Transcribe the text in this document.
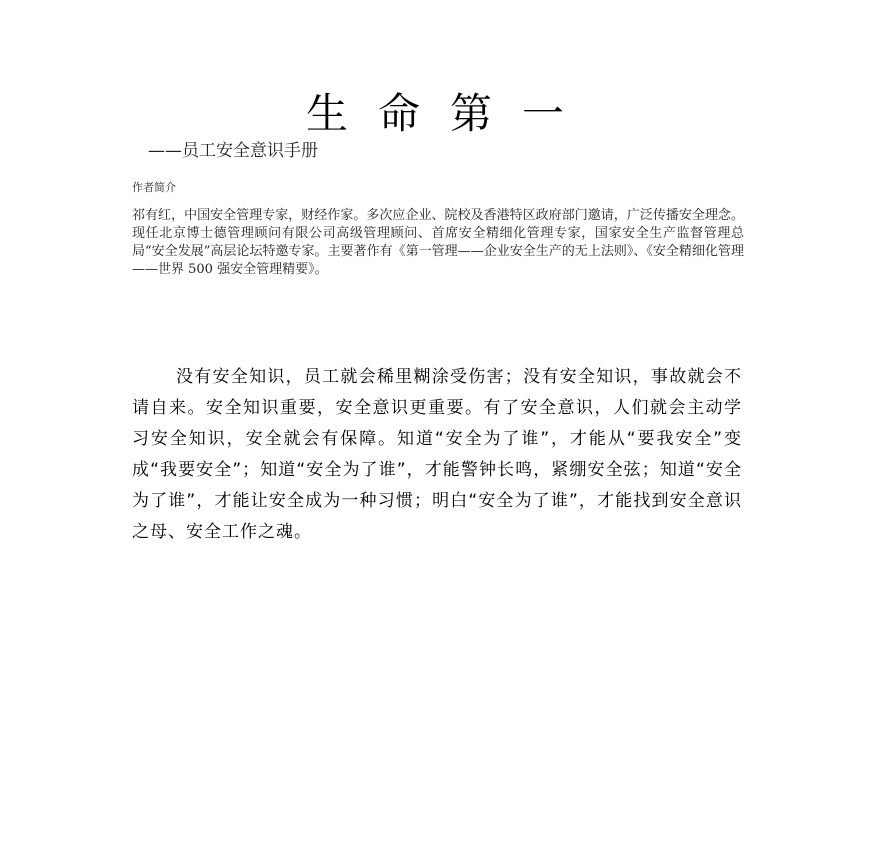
生命第一

——员工安全意识手册

作者简介

祁有红，中国安全管理专家，财经作家。多次应企业、院校及香港特区政府部门邀请，广泛传播安全理念。现任北京博士德管理顾问有限公司高级管理顾问、首席安全精细化管理专家，国家安全生产监督管理总局“安全发展”高层论坛特邀专家。主要著作有《第一管理——企业安全生产的无上法则》、《安全精细化管理——世界 500 强安全管理精要》。

没有安全知识，员工就会稀里糊涂受伤害；没有安全知识，事故就会不请自来。安全知识重要，安全意识更重要。有了安全意识，人们就会主动学习安全知识，安全就会有保障。知道“安全为了谁”，才能从“要我安全”变成“我要安全”；知道“安全为了谁”，才能警钟长鸣，紧绷安全弦；知道“安全为了谁”，才能让安全成为一种习惯；明白“安全为了谁”，才能找到安全意识之母、安全工作之魂。
